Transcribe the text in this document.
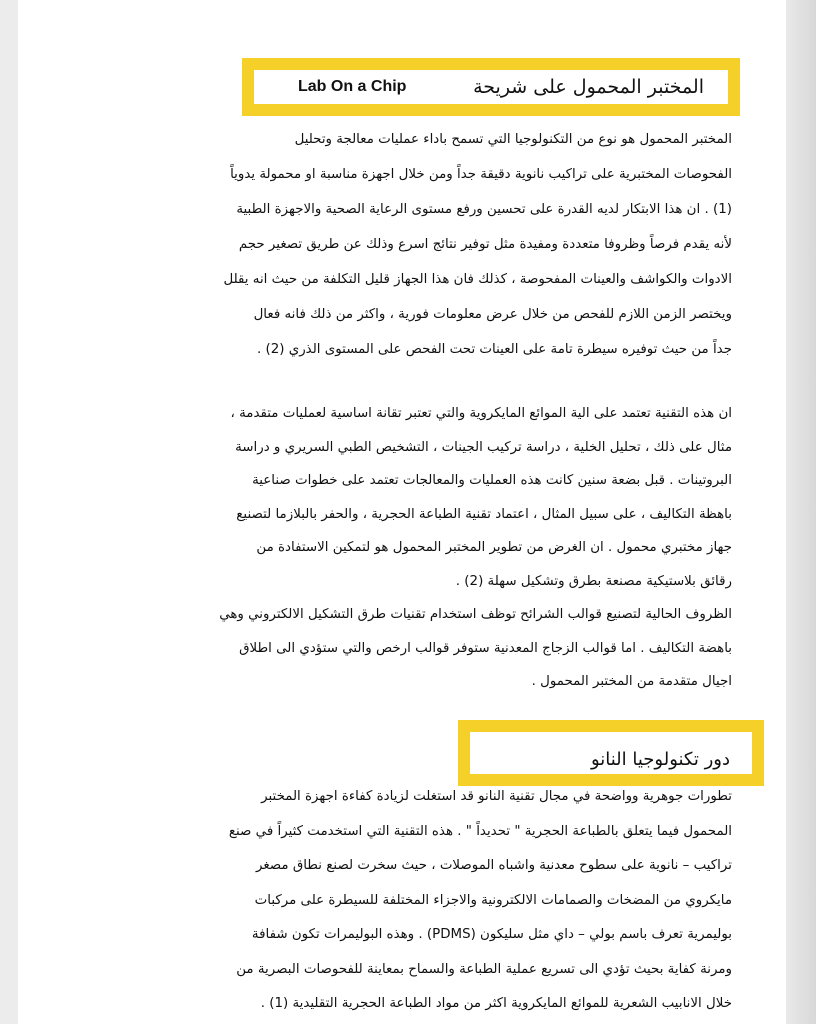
Lab On a Chip	المختبر المحمول على شريحة
المختبر المحمول هو نوع من التكنولوجيا التي تسمح باداء عمليات معالجة وتحليل
الفحوصات المختبرية على تراكيب نانوية دقيقة جداً ومن خلال اجهزة مناسبة او محمولة يدوياً
(1) . ان هذا الابتكار لديه القدرة على تحسين ورفع مستوى الرعاية الصحية والاجهزة الطبية
لأنه يقدم فرصاً وظروفا متعددة ومفيدة مثل توفير نتائج اسرع وذلك عن طريق تصغير حجم
الادوات والكواشف والعينات المفحوصة ، كذلك فان هذا الجهاز قليل التكلفة من حيث انه يقلل
ويختصر الزمن اللازم للفحص من خلال عرض معلومات فورية ، واكثر من ذلك فانه فعال
جداً من حيث توفيره سيطرة تامة على العينات تحت الفحص على المستوى الذري (2) .
ان هذه التقنية تعتمد على الية الموائع المايكروية والتي تعتبر تقانة اساسية لعمليات متقدمة ،
مثال على ذلك ، تحليل الخلية ، دراسة تركيب الجينات ، التشخيص الطبي السريري و دراسة
البروتينات . قبل بضعة سنين كانت هذه العمليات والمعالجات تعتمد على خطوات صناعية
باهظة التكاليف ، على سبيل المثال ، اعتماد تقنية الطباعة الحجرية ، والحفر بالبلازما لتصنيع
جهاز مختبري محمول . ان الغرض من تطوير المختبر المحمول هو لتمكين الاستفادة من
رقائق بلاستيكية مصنعة بطرق وتشكيل سهلة (2) .
الظروف الحالية لتصنيع قوالب الشرائح توظف استخدام تقنيات طرق التشكيل الالكتروني وهي
باهضة التكاليف . اما قوالب الزجاج المعدنية ستوفر قوالب ارخص والتي ستؤدي الى اطلاق
اجيال متقدمة من المختبر المحمول .
دور تكنولوجيا النانو
تطورات جوهرية وواضحة في مجال تقنية النانو قد استغلت لزيادة كفاءة اجهزة المختبر
المحمول فيما يتعلق بالطباعة الحجرية " تحديداً " . هذه التقنية التي استخدمت كثيراً في صنع
تراكيب – نانوية على سطوح معدنية واشباه الموصلات ، حيث سخرت لصنع نطاق مصغر
مايكروي من المضخات والصمامات الالكترونية والاجزاء المختلفة للسيطرة على مركبات
بوليمرية تعرف باسم بولي – داي مثل سليكون (PDMS) . وهذه البوليمرات تكون شفافة
ومرنة كفاية بحيث تؤدي الى تسريع عملية الطباعة والسماح بمعاينة للفحوصات البصرية من
خلال الانابيب الشعرية للموائع المايكروية اكثر من مواد الطباعة الحجرية التقليدية (1) .
